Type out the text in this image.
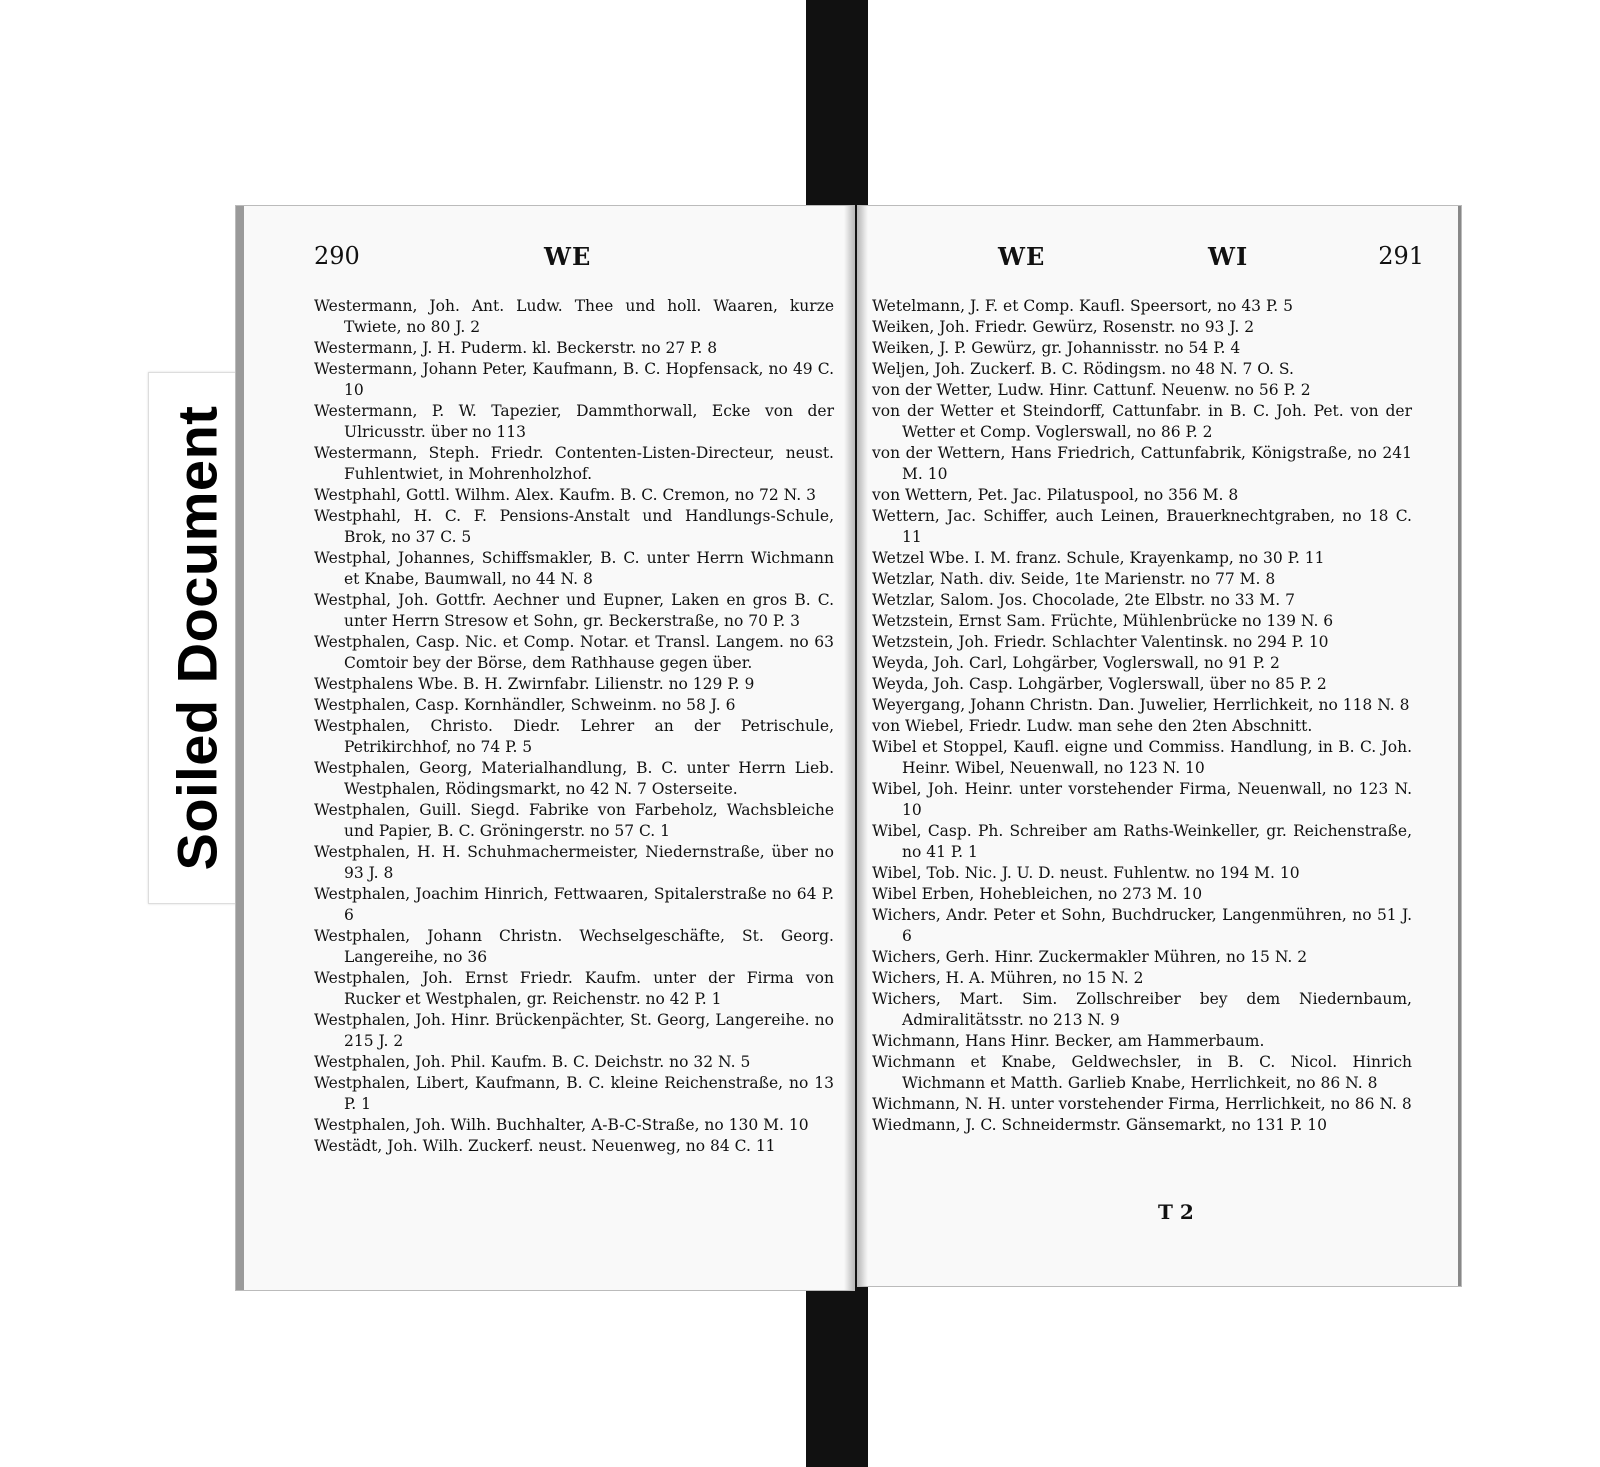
Soiled Document
290	WE
Westermann, Joh. Ant. Ludw. Thee und holl. Waaren, kurze Twiete, no 80 J. 2
Westermann, J. H. Puderm. kl. Beckerstr. no 27 P. 8
Westermann, Johann Peter, Kaufmann, B. C. Hopfensack, no 49 C. 10
Westermann, P. W. Tapezier, Dammthorwall, Ecke von der Ulricusstr. über no 113
Westermann, Steph. Friedr. Contenten-Listen-Directeur, neust. Fuhlentwiet, in Mohrenholzhof.
Westphahl, Gottl. Wilhm. Alex. Kaufm. B. C. Cremon, no 72 N. 3
Westphahl, H. C. F. Pensions-Anstalt und Handlungs-Schule, Brok, no 37 C. 5
Westphal, Johannes, Schiffsmakler, B. C. unter Herrn Wichmann et Knabe, Baumwall, no 44 N. 8
Westphal, Joh. Gottfr. Aechner und Eupner, Laken en gros B. C. unter Herrn Stresow et Sohn, gr. Beckerstraße, no 70 P. 3
Westphalen, Casp. Nic. et Comp. Notar. et Transl. Langem. no 63 Comtoir bey der Börse, dem Rathhause gegen über.
Westphalens Wbe. B. H. Zwirnfabr. Lilienstr. no 129 P. 9
Westphalen, Casp. Kornhändler, Schweinm. no 58 J. 6
Westphalen, Christo. Diedr. Lehrer an der Petrischule, Petrikirchhof, no 74 P. 5
Westphalen, Georg, Materialhandlung, B. C. unter Herrn Lieb. Westphalen, Rödingsmarkt, no 42 N. 7 Osterseite.
Westphalen, Guill. Siegd. Fabrike von Farbeholz, Wachsbleiche und Papier, B. C. Gröningerstr. no 57 C. 1
Westphalen, H. H. Schuhmachermeister, Niedernstraße, über no 93 J. 8
Westphalen, Joachim Hinrich, Fettwaaren, Spitalerstraße no 64 P. 6
Westphalen, Johann Christn. Wechselgeschäfte, St. Georg. Langereihe, no 36
Westphalen, Joh. Ernst Friedr. Kaufm. unter der Firma von Rucker et Westphalen, gr. Reichenstr. no 42 P. 1
Westphalen, Joh. Hinr. Brückenpächter, St. Georg, Langereihe. no 215 J. 2
Westphalen, Joh. Phil. Kaufm. B. C. Deichstr. no 32 N. 5
Westphalen, Libert, Kaufmann, B. C. kleine Reichenstraße, no 13 P. 1
Westphalen, Joh. Wilh. Buchhalter, A-B-C-Straße, no 130 M. 10
Westädt, Joh. Wilh. Zuckerf. neust. Neuenweg, no 84 C. 11
WE	WI	291
Wetelmann, J. F. et Comp. Kaufl. Speersort, no 43 P. 5
Weiken, Joh. Friedr. Gewürz, Rosenstr. no 93 J. 2
Weiken, J. P. Gewürz, gr. Johannisstr. no 54 P. 4
Weljen, Joh. Zuckerf. B. C. Rödingsm. no 48 N. 7 O. S.
von der Wetter, Ludw. Hinr. Cattunf. Neuenw. no 56 P. 2
von der Wetter et Steindorff, Cattunfabr. in B. C. Joh. Pet. von der Wetter et Comp. Voglerswall, no 86 P. 2
von der Wettern, Hans Friedrich, Cattunfabrik, Königstraße, no 241 M. 10
von Wettern, Pet. Jac. Pilatuspool, no 356 M. 8
Wettern, Jac. Schiffer, auch Leinen, Brauerknechtgraben, no 18 C. 11
Wetzel Wbe. I. M. franz. Schule, Krayenkamp, no 30 P. 11
Wetzlar, Nath. div. Seide, 1te Marienstr. no 77 M. 8
Wetzlar, Salom. Jos. Chocolade, 2te Elbstr. no 33 M. 7
Wetzstein, Ernst Sam. Früchte, Mühlenbrücke no 139 N. 6
Wetzstein, Joh. Friedr. Schlachter Valentinsk. no 294 P. 10
Weyda, Joh. Carl, Lohgärber, Voglerswall, no 91 P. 2
Weyda, Joh. Casp. Lohgärber, Voglerswall, über no 85 P. 2
Weyergang, Johann Christn. Dan. Juwelier, Herrlichkeit, no 118 N. 8
von Wiebel, Friedr. Ludw. man sehe den 2ten Abschnitt.
Wibel et Stoppel, Kaufl. eigne und Commiss. Handlung, in B. C. Joh. Heinr. Wibel, Neuenwall, no 123 N. 10
Wibel, Joh. Heinr. unter vorstehender Firma, Neuenwall, no 123 N. 10
Wibel, Casp. Ph. Schreiber am Raths-Weinkeller, gr. Reichenstraße, no 41 P. 1
Wibel, Tob. Nic. J. U. D. neust. Fuhlentw. no 194 M. 10
Wibel Erben, Hohebleichen, no 273 M. 10
Wichers, Andr. Peter et Sohn, Buchdrucker, Langenmühren, no 51 J. 6
Wichers, Gerh. Hinr. Zuckermakler Mühren, no 15 N. 2
Wichers, H. A. Mühren, no 15 N. 2
Wichers, Mart. Sim. Zollschreiber bey dem Niedernbaum, Admiralitätsstr. no 213 N. 9
Wichmann, Hans Hinr. Becker, am Hammerbaum.
Wichmann et Knabe, Geldwechsler, in B. C. Nicol. Hinrich Wichmann et Matth. Garlieb Knabe, Herrlichkeit, no 86 N. 8
Wichmann, N. H. unter vorstehender Firma, Herrlichkeit, no 86 N. 8
Wiedmann, J. C. Schneidermstr. Gänsemarkt, no 131 P. 10
T 2
